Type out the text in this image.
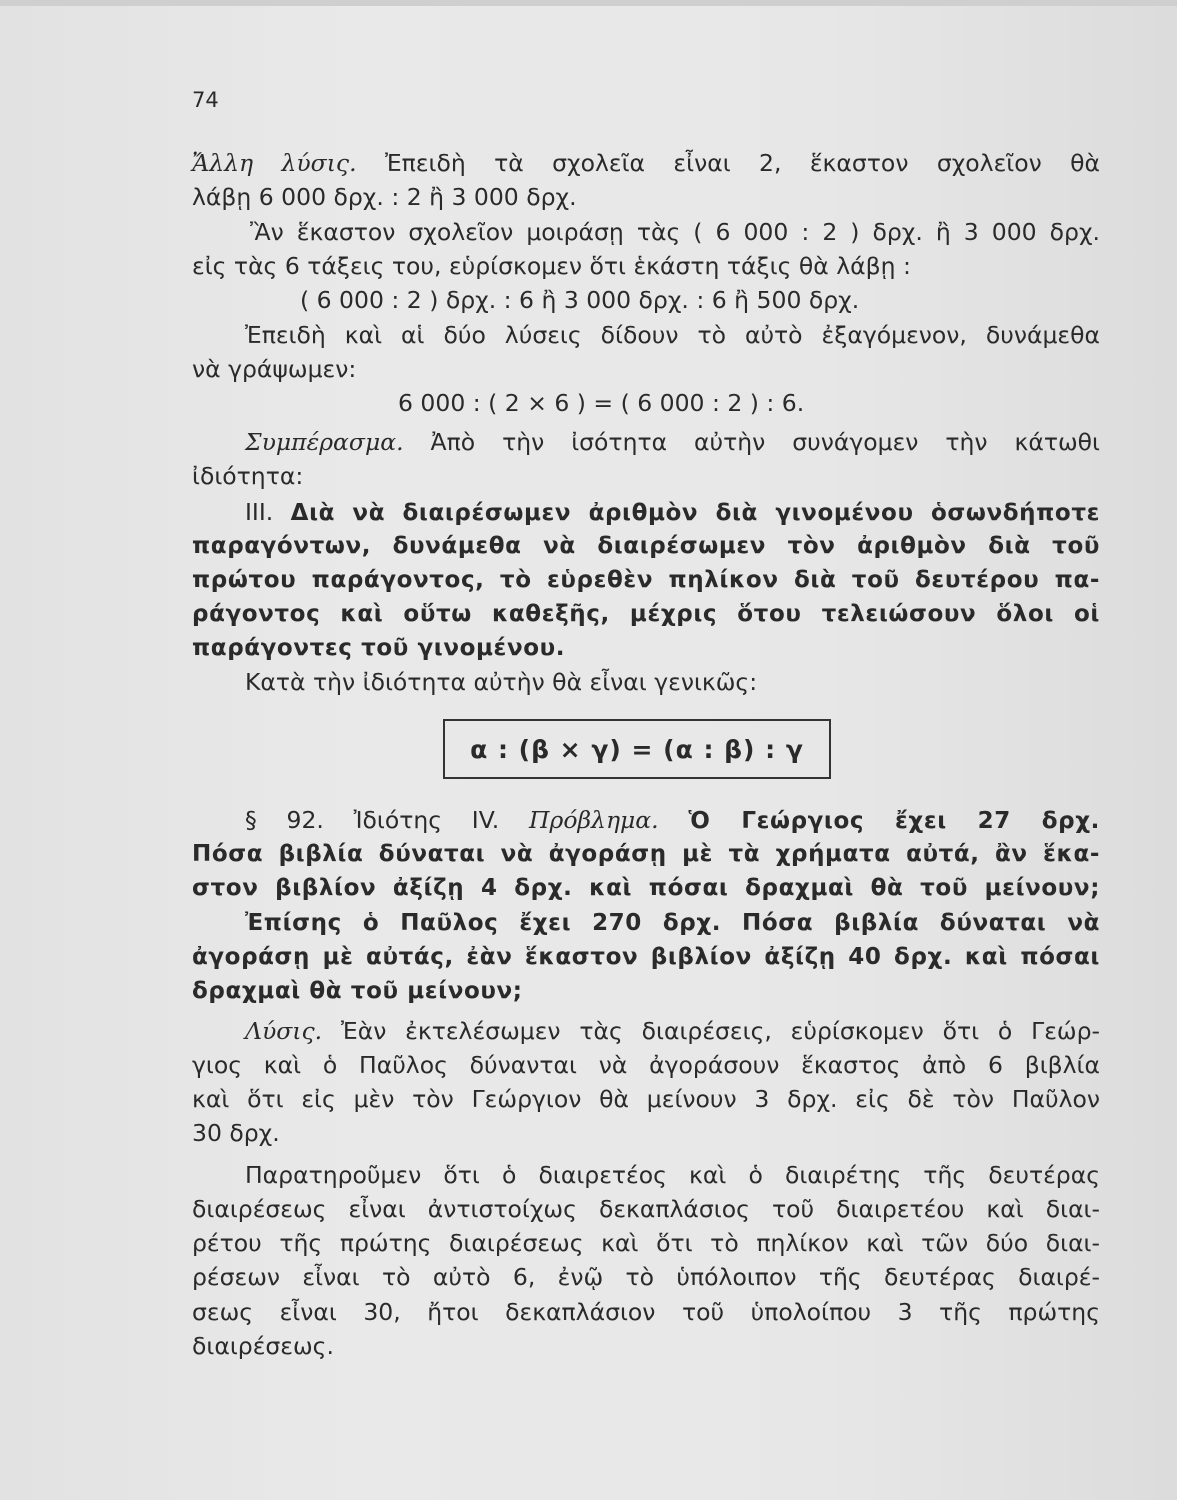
74
Ἄλλη λύσις. Ἐπειδὴ τὰ σχολεῖα εἶναι 2, ἕκαστον σχολεῖον θὰ
λάβῃ 6 000 δρχ. : 2 ἢ 3 000 δρχ.
Ἂν ἕκαστον σχολεῖον μοιράσῃ τὰς ( 6 000 : 2 ) δρχ. ἢ 3 000 δρχ.
εἰς τὰς 6 τάξεις του, εὑρίσκομεν ὅτι ἑκάστη τάξις θὰ λάβῃ :
( 6 000 : 2 ) δρχ. : 6 ἢ 3 000 δρχ. : 6 ἢ 500 δρχ.
Ἐπειδὴ καὶ αἱ δύο λύσεις δίδουν τὸ αὐτὸ ἐξαγόμενον, δυνάμεθα
νὰ γράψωμεν:
6 000 : ( 2 × 6 ) = ( 6 000 : 2 ) : 6.
Συμπέρασμα. Ἀπὸ τὴν ἰσότητα αὐτὴν συνάγομεν τὴν κάτωθι
ἰδιότητα:
III. Διὰ νὰ διαιρέσωμεν ἀριθμὸν διὰ γινομένου ὁσωνδήποτε
παραγόντων, δυνάμεθα νὰ διαιρέσωμεν τὸν ἀριθμὸν διὰ τοῦ
πρώτου παράγοντος, τὸ εὑρεθὲν πηλίκον διὰ τοῦ δευτέρου πα-
ράγοντος καὶ οὕτω καθεξῆς, μέχρις ὅτου τελειώσουν ὅλοι οἱ
παράγοντες τοῦ γινομένου.
Κατὰ τὴν ἰδιότητα αὐτὴν θὰ εἶναι γενικῶς:
α : (β × γ) = (α : β) : γ
§ 92. Ἰδιότης IV. Πρόβλημα. Ὁ Γεώργιος ἔχει 27 δρχ.
Πόσα βιβλία δύναται νὰ ἀγοράσῃ μὲ τὰ χρήματα αὐτά, ἂν ἕκα-
στον βιβλίον ἀξίζῃ 4 δρχ. καὶ πόσαι δραχμαὶ θὰ τοῦ μείνουν;
Ἐπίσης ὁ Παῦλος ἔχει 270 δρχ. Πόσα βιβλία δύναται νὰ
ἀγοράσῃ μὲ αὐτάς, ἐὰν ἕκαστον βιβλίον ἀξίζῃ 40 δρχ. καὶ πόσαι
δραχμαὶ θὰ τοῦ μείνουν;
Λύσις. Ἐὰν ἐκτελέσωμεν τὰς διαιρέσεις, εὑρίσκομεν ὅτι ὁ Γεώρ-
γιος καὶ ὁ Παῦλος δύνανται νὰ ἀγοράσουν ἕκαστος ἀπὸ 6 βιβλία
καὶ ὅτι εἰς μὲν τὸν Γεώργιον θὰ μείνουν 3 δρχ. εἰς δὲ τὸν Παῦλον
30 δρχ.
Παρατηροῦμεν ὅτι ὁ διαιρετέος καὶ ὁ διαιρέτης τῆς δευτέρας
διαιρέσεως εἶναι ἀντιστοίχως δεκαπλάσιος τοῦ διαιρετέου καὶ διαι-
ρέτου τῆς πρώτης διαιρέσεως καὶ ὅτι τὸ πηλίκον καὶ τῶν δύο διαι-
ρέσεων εἶναι τὸ αὐτὸ 6, ἐνῷ τὸ ὑπόλοιπον τῆς δευτέρας διαιρέ-
σεως εἶναι 30, ἤτοι δεκαπλάσιον τοῦ ὑπολοίπου 3 τῆς πρώτης
διαιρέσεως.
